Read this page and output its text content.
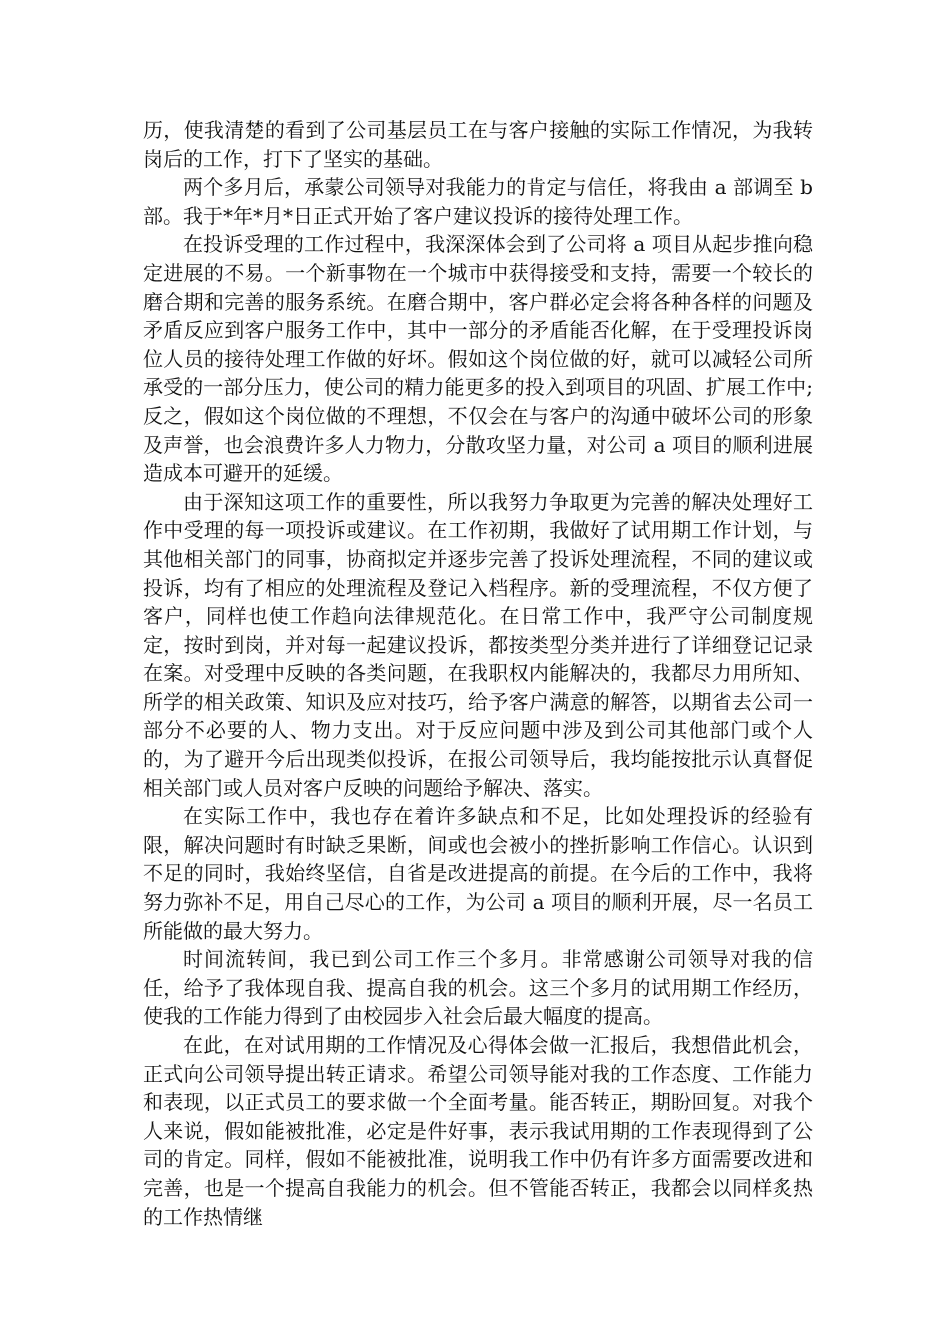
历，使我清楚的看到了公司基层员工在与客户接触的实际工作情况，为我转岗后的工作，打下了坚实的基础。

两个多月后，承蒙公司领导对我能力的肯定与信任，将我由 a 部调至 b 部。我于*年*月*日正式开始了客户建议投诉的接待处理工作。

在投诉受理的工作过程中，我深深体会到了公司将 a 项目从起步推向稳定进展的不易。一个新事物在一个城市中获得接受和支持，需要一个较长的磨合期和完善的服务系统。在磨合期中，客户群必定会将各种各样的问题及矛盾反应到客户服务工作中，其中一部分的矛盾能否化解，在于受理投诉岗位人员的接待处理工作做的好坏。假如这个岗位做的好，就可以减轻公司所承受的一部分压力，使公司的精力能更多的投入到项目的巩固、扩展工作中;反之，假如这个岗位做的不理想，不仅会在与客户的沟通中破坏公司的形象及声誉，也会浪费许多人力物力，分散攻坚力量，对公司 a 项目的顺利进展造成本可避开的延缓。

由于深知这项工作的重要性，所以我努力争取更为完善的解决处理好工作中受理的每一项投诉或建议。在工作初期，我做好了试用期工作计划，与其他相关部门的同事，协商拟定并逐步完善了投诉处理流程，不同的建议或投诉，均有了相应的处理流程及登记入档程序。新的受理流程，不仅方便了客户，同样也使工作趋向法律规范化。在日常工作中，我严守公司制度规定，按时到岗，并对每一起建议投诉，都按类型分类并进行了详细登记记录在案。对受理中反映的各类问题，在我职权内能解决的，我都尽力用所知、所学的相关政策、知识及应对技巧，给予客户满意的解答，以期省去公司一部分不必要的人、物力支出。对于反应问题中涉及到公司其他部门或个人的，为了避开今后出现类似投诉，在报公司领导后，我均能按批示认真督促相关部门或人员对客户反映的问题给予解决、落实。

在实际工作中，我也存在着许多缺点和不足，比如处理投诉的经验有限，解决问题时有时缺乏果断，间或也会被小的挫折影响工作信心。认识到不足的同时，我始终坚信，自省是改进提高的前提。在今后的工作中，我将努力弥补不足，用自己尽心的工作，为公司 a 项目的顺利开展，尽一名员工所能做的最大努力。

时间流转间，我已到公司工作三个多月。非常感谢公司领导对我的信任，给予了我体现自我、提高自我的机会。这三个多月的试用期工作经历，使我的工作能力得到了由校园步入社会后最大幅度的提高。

在此，在对试用期的工作情况及心得体会做一汇报后，我想借此机会，正式向公司领导提出转正请求。希望公司领导能对我的工作态度、工作能力和表现，以正式员工的要求做一个全面考量。能否转正，期盼回复。对我个人来说，假如能被批准，必定是件好事，表示我试用期的工作表现得到了公司的肯定。同样，假如不能被批准，说明我工作中仍有许多方面需要改进和完善，也是一个提高自我能力的机会。但不管能否转正，我都会以同样炙热的工作热情继
